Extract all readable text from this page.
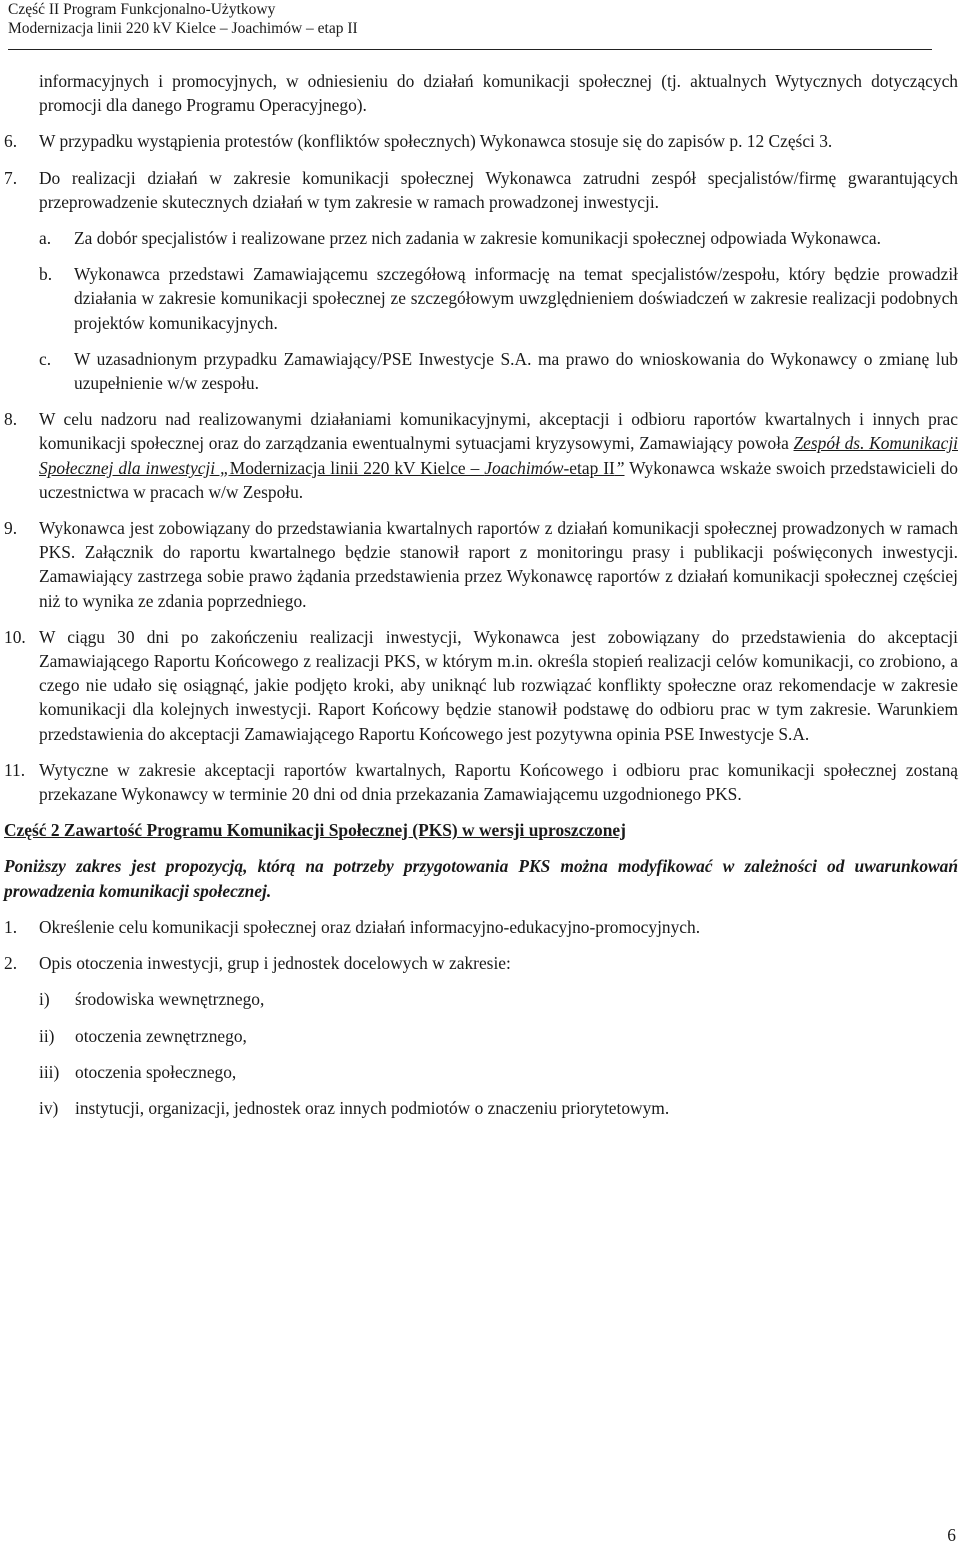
Część II Program Funkcjonalno-Użytkowy
Modernizacja linii 220 kV Kielce – Joachimów – etap II
informacyjnych i promocyjnych, w odniesieniu do działań komunikacji społecznej (tj. aktualnych Wytycznych dotyczących promocji dla danego Programu Operacyjnego).
6.	W przypadku wystąpienia protestów (konfliktów społecznych) Wykonawca stosuje się do zapisów p. 12 Części 3.
7.	Do realizacji działań w zakresie komunikacji społecznej Wykonawca zatrudni zespół specjalistów/firmę gwarantujących przeprowadzenie skutecznych działań w tym zakresie w ramach prowadzonej inwestycji.
a.	Za dobór specjalistów i realizowane przez nich zadania w zakresie komunikacji społecznej odpowiada Wykonawca.
b.	Wykonawca przedstawi Zamawiającemu szczegółową informację na temat specjalistów/zespołu, który będzie prowadził działania w zakresie komunikacji społecznej ze szczegółowym uwzględnieniem doświadczeń w zakresie realizacji podobnych projektów komunikacyjnych.
c.	W uzasadnionym przypadku Zamawiający/PSE Inwestycje S.A. ma prawo do wnioskowania do Wykonawcy o zmianę lub uzupełnienie w/w zespołu.
8.	W celu nadzoru nad realizowanymi działaniami komunikacyjnymi, akceptacji i odbioru raportów kwartalnych i innych prac komunikacji społecznej oraz do zarządzania ewentualnymi sytuacjami kryzysowymi, Zamawiający powoła Zespół ds. Komunikacji Społecznej dla inwestycji „Modernizacja linii 220 kV Kielce – Joachimów-etap II” Wykonawca wskaże swoich przedstawicieli do uczestnictwa w pracach w/w Zespołu.
9.	Wykonawca jest zobowiązany do przedstawiania kwartalnych raportów z działań komunikacji społecznej prowadzonych w ramach PKS. Załącznik do raportu kwartalnego będzie stanowił raport z monitoringu prasy i publikacji poświęconych inwestycji. Zamawiający zastrzega sobie prawo żądania przedstawienia przez Wykonawcę raportów z działań komunikacji społecznej częściej niż to wynika ze zdania poprzedniego.
10. W ciągu 30 dni po zakończeniu realizacji inwestycji, Wykonawca jest zobowiązany do przedstawienia do akceptacji Zamawiającego Raportu Końcowego z realizacji PKS, w którym m.in. określa stopień realizacji celów komunikacji, co zrobiono, a czego nie udało się osiągnąć, jakie podjęto kroki, aby uniknąć lub rozwiązać konflikty społeczne oraz rekomendacje w zakresie komunikacji dla kolejnych inwestycji. Raport Końcowy będzie stanowił podstawę do odbioru prac w tym zakresie. Warunkiem przedstawienia do akceptacji Zamawiającego Raportu Końcowego jest pozytywna opinia PSE Inwestycje S.A.
11. Wytyczne w zakresie akceptacji raportów kwartalnych, Raportu Końcowego i odbioru prac komunikacji społecznej zostaną przekazane Wykonawcy w terminie 20 dni od dnia przekazania Zamawiającemu uzgodnionego PKS.
Część 2 Zawartość Programu Komunikacji Społecznej (PKS) w wersji uproszczonej
Poniższy zakres jest propozycją, którą na potrzeby przygotowania PKS można modyfikować w zależności od uwarunkowań prowadzenia komunikacji społecznej.
1.	Określenie celu komunikacji społecznej oraz działań informacyjno-edukacyjno-promocyjnych.
2.	Opis otoczenia inwestycji, grup i jednostek docelowych w zakresie:
i)	środowiska wewnętrznego,
ii)	otoczenia zewnętrznego,
iii) otoczenia społecznego,
iv) instytucji, organizacji, jednostek oraz innych podmiotów o znaczeniu priorytetowym.
6
